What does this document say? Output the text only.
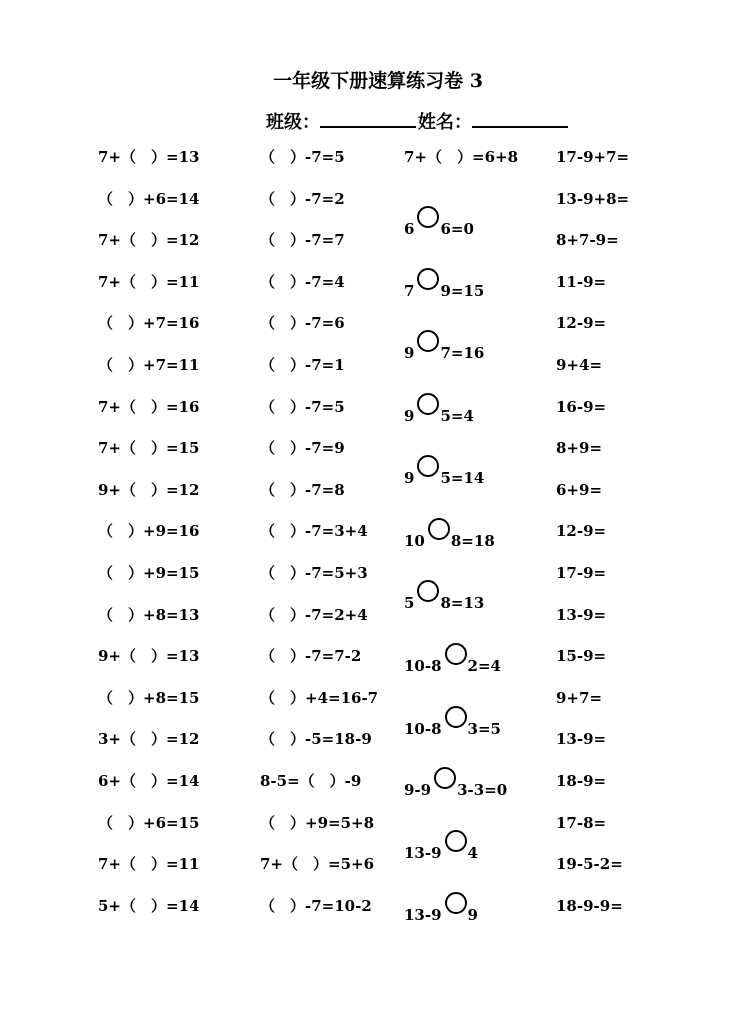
一年级下册速算练习卷 3
班级：	姓名：
7+（　）=13
（　）+6=14
7+（　）=12
7+（　）=11
（　）+7=16
（　）+7=11
7+（　）=16
7+（　）=15
9+（　）=12
（　）+9=16
（　）+9=15
（　）+8=13
9+（　）=13
（　）+8=15
3+（　）=12
6+（　）=14
（　）+6=15
7+（　）=11
5+（　）=14
（　）-7=5
（　）-7=2
（　）-7=7
（　）-7=4
（　）-7=6
（　）-7=1
（　）-7=5
（　）-7=9
（　）-7=8
（　）-7=3+4
（　）-7=5+3
（　）-7=2+4
（　）-7=7-2
（　）+4=16-7
（　）-5=18-9
8-5=（　）-9
（　）+9=5+8
7+（　）=5+6
（　）-7=10-2
17-9+7=
13-9+8=
8+7-9=
11-9=
12-9=
9+4=
16-9=
8+9=
6+9=
12-9=
17-9=
13-9=
15-9=
9+7=
13-9=
18-9=
17-8=
19-5-2=
18-9-9=
7+（　）=6+8
6 6=0
7 9=15
9 7=16
9 5=4
9 5=14
10 8=18
5 8=13
10-8 2=4
10-8 3=5
9-9 3-3=0
13-9 4
13-9 9
